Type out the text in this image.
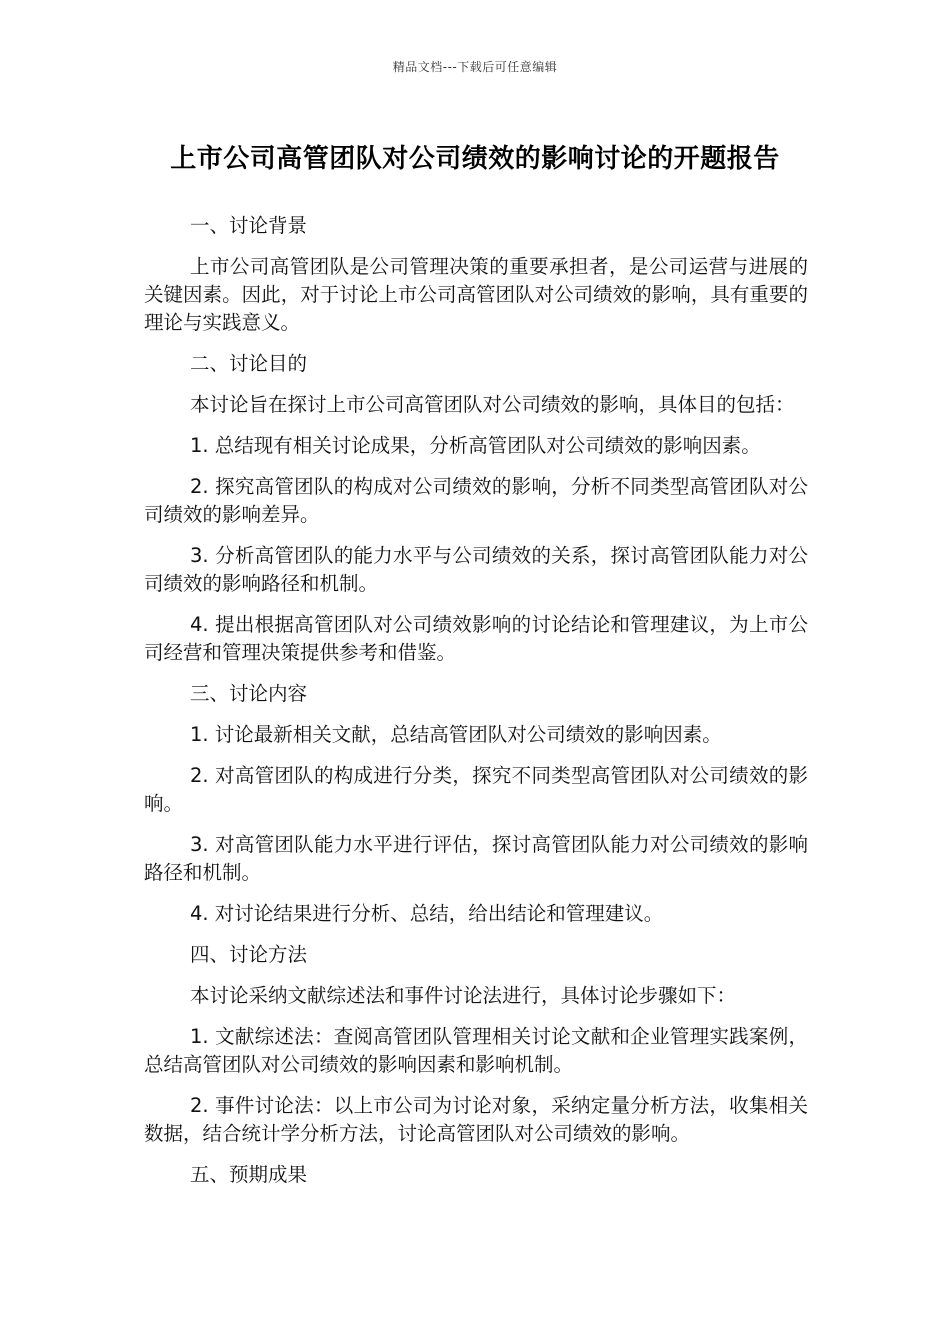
精品文档---下载后可任意编辑
上市公司高管团队对公司绩效的影响讨论的开题报告

一、讨论背景

上市公司高管团队是公司管理决策的重要承担者，是公司运营与进展的关键因素。因此，对于讨论上市公司高管团队对公司绩效的影响，具有重要的理论与实践意义。

二、讨论目的

本讨论旨在探讨上市公司高管团队对公司绩效的影响，具体目的包括：

1. 总结现有相关讨论成果，分析高管团队对公司绩效的影响因素。

2. 探究高管团队的构成对公司绩效的影响，分析不同类型高管团队对公司绩效的影响差异。

3. 分析高管团队的能力水平与公司绩效的关系，探讨高管团队能力对公司绩效的影响路径和机制。

4. 提出根据高管团队对公司绩效影响的讨论结论和管理建议，为上市公司经营和管理决策提供参考和借鉴。

三、讨论内容

1. 讨论最新相关文献，总结高管团队对公司绩效的影响因素。

2. 对高管团队的构成进行分类，探究不同类型高管团队对公司绩效的影响。

3. 对高管团队能力水平进行评估，探讨高管团队能力对公司绩效的影响路径和机制。

4. 对讨论结果进行分析、总结，给出结论和管理建议。

四、讨论方法

本讨论采纳文献综述法和事件讨论法进行，具体讨论步骤如下：

1. 文献综述法：查阅高管团队管理相关讨论文献和企业管理实践案例，总结高管团队对公司绩效的影响因素和影响机制。

2. 事件讨论法：以上市公司为讨论对象，采纳定量分析方法，收集相关数据，结合统计学分析方法，讨论高管团队对公司绩效的影响。

五、预期成果
